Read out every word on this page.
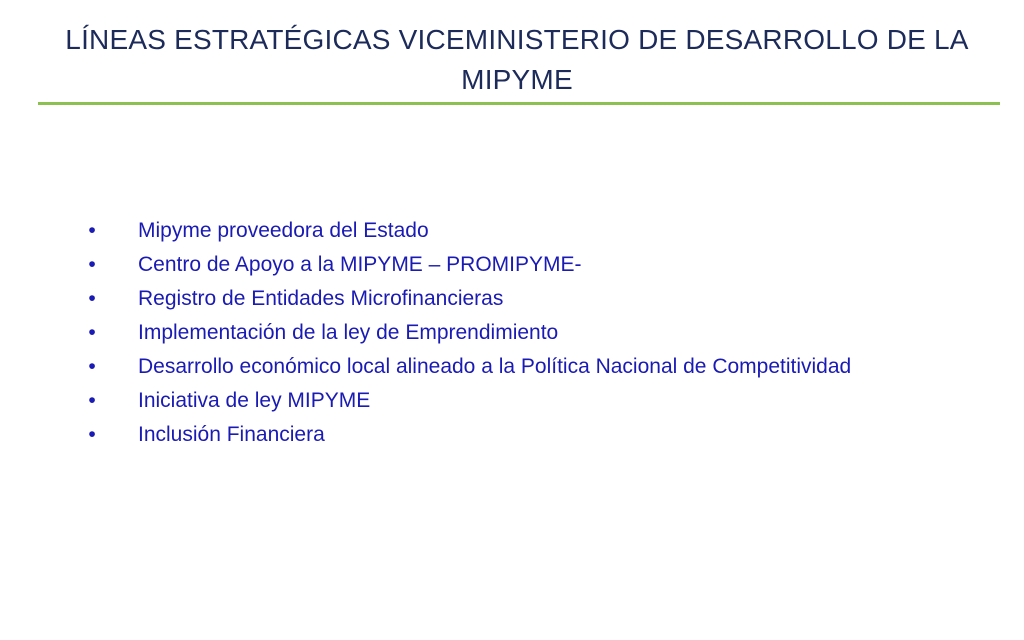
LÍNEAS ESTRATÉGICAS VICEMINISTERIO DE DESARROLLO DE LA MIPYME
•	Mipyme proveedora del Estado
•	Centro de Apoyo a la MIPYME – PROMIPYME-
•	Registro de Entidades Microfinancieras
•	Implementación de la ley de Emprendimiento
•	Desarrollo económico local alineado a la Política Nacional de Competitividad
•	Iniciativa de ley MIPYME
•	Inclusión Financiera
